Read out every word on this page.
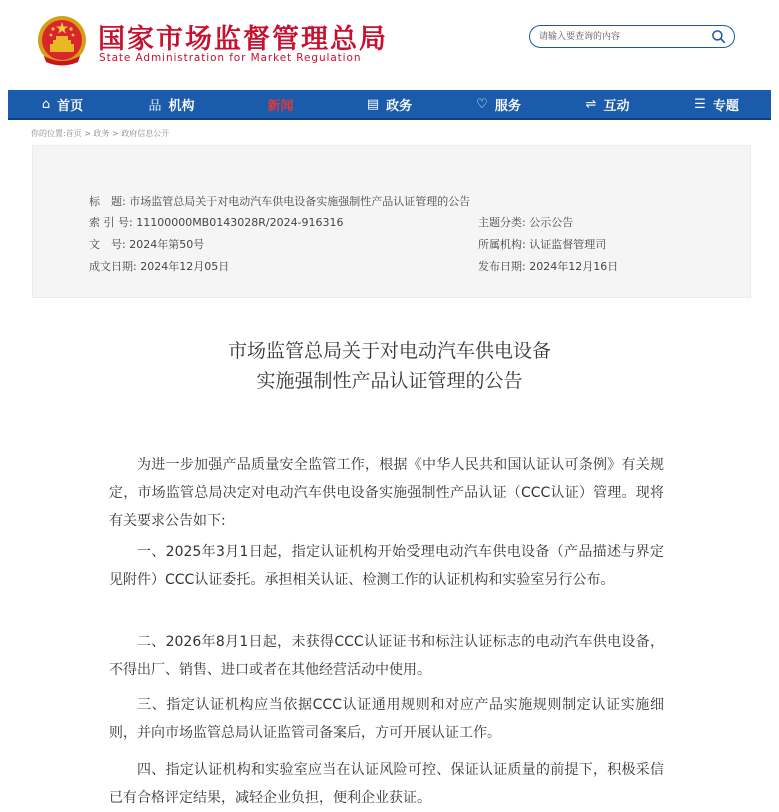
国家市场监督管理总局
State Administration for Market Regulation
请输入要查询的内容
⌂ 首页	品 机构	新闻	▤ 政务	♡ 服务	⇌ 互动	☰ 专题
你的位置:首页 > 政务 > 政府信息公开
标　题: 市场监管总局关于对电动汽车供电设备实施强制性产品认证管理的公告
索 引 号: 11100000MB0143028R/2024-916316	主题分类: 公示公告
文　号: 2024年第50号	所属机构: 认证监督管理司
成文日期: 2024年12月05日	发布日期: 2024年12月16日
市场监管总局关于对电动汽车供电设备
实施强制性产品认证管理的公告

为进一步加强产品质量安全监管工作，根据《中华人民共和国认证认可条例》有关规定，市场监管总局决定对电动汽车供电设备实施强制性产品认证（CCC认证）管理。现将有关要求公告如下:

一、2025年3月1日起，指定认证机构开始受理电动汽车供电设备（产品描述与界定见附件）CCC认证委托。承担相关认证、检测工作的认证机构和实验室另行公布。

二、2026年8月1日起，未获得CCC认证证书和标注认证标志的电动汽车供电设备，不得出厂、销售、进口或者在其他经营活动中使用。

三、指定认证机构应当依据CCC认证通用规则和对应产品实施规则制定认证实施细则，并向市场监管总局认证监管司备案后，方可开展认证工作。

四、指定认证机构和实验室应当在认证风险可控、保证认证质量的前提下，积极采信已有合格评定结果，减轻企业负担，便利企业获证。
